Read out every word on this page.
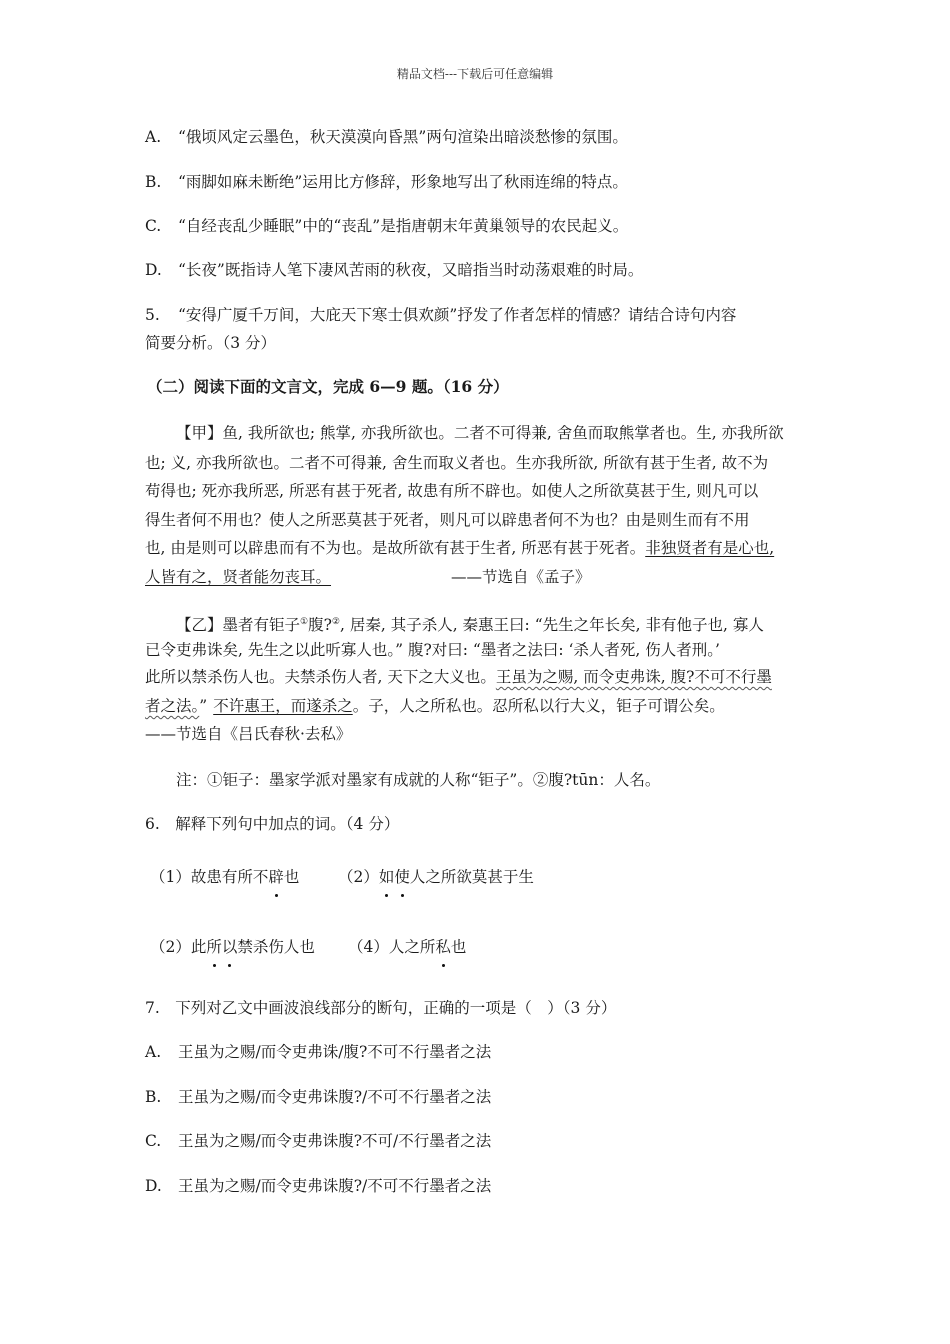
精品文档---下载后可任意编辑
A. “俄顷风定云墨色，秋天漠漠向昏黑”两句渲染出暗淡愁惨的氛围。
B. “雨脚如麻未断绝”运用比方修辞，形象地写出了秋雨连绵的特点。
C. “自经丧乱少睡眠”中的“丧乱”是指唐朝末年黄巢领导的农民起义。
D. “长夜”既指诗人笔下凄风苦雨的秋夜，又暗指当时动荡艰难的时局。
5. “安得广厦千万间，大庇天下寒士俱欢颜”抒发了作者怎样的情感？请结合诗句内容
简要分析。（3 分）
（二）阅读下面的文言文，完成 6—9 题。（16 分）
【甲】鱼, 我所欲也; 熊掌, 亦我所欲也。二者不可得兼, 舍鱼而取熊掌者也。生, 亦我所欲
也; 义, 亦我所欲也。二者不可得兼, 舍生而取义者也。生亦我所欲, 所欲有甚于生者, 故不为
苟得也; 死亦我所恶, 所恶有甚于死者, 故患有所不辟也。如使人之所欲莫甚于生, 则凡可以
得生者何不用也？使人之所恶莫甚于死者，则凡可以辟患者何不为也？由是则生而有不用
也, 由是则可以辟患而有不为也。是故所欲有甚于生者, 所恶有甚于死者。非独贤者有是心也,
人皆有之，贤者能勿丧耳。	——节选自《孟子》
【乙】墨者有钜子①腹?②, 居秦, 其子杀人, 秦惠王曰: “先生之年长矣, 非有他子也, 寡人
已令吏弗诛矣, 先生之以此听寡人也。” 腹?对曰: “墨者之法曰: ‘杀人者死, 伤人者刑。’
此所以禁杀伤人也。夫禁杀伤人者, 天下之大义也。王虽为之赐, 而令吏弗诛, 腹?不可不行墨
者之法。” 不许惠王，而遂杀之。子，人之所私也。忍所私以行大义，钜子可谓公矣。
——节选自《吕氏春秋·去私》
注：①钜子：墨家学派对墨家有成就的人称“钜子”。②腹?tūn：人名。
6.　解释下列句中加点的词。（4 分）
（1）故患有所不辟也 （2）如使人之所欲莫甚于生
（2）此所以禁杀伤人也 （4）人之所私也
7.　下列对乙文中画波浪线部分的断句，正确的一项是（　）（3 分）
A. 王虽为之赐/而令吏弗诛/腹?不可不行墨者之法
B. 王虽为之赐/而令吏弗诛腹?/不可不行墨者之法
C. 王虽为之赐/而令吏弗诛腹?不可/不行墨者之法
D. 王虽为之赐/而令吏弗诛腹?/不可不行墨者之法
